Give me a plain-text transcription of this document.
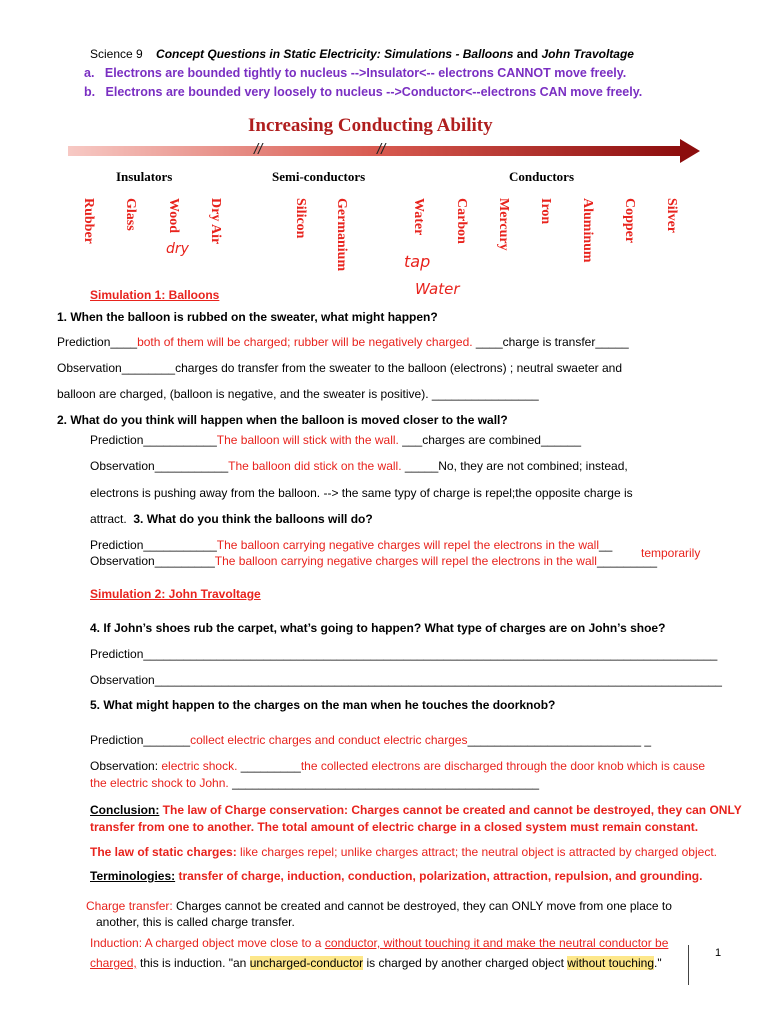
Science 9 Concept Questions in Static Electricity: Simulations - Balloons and John Travoltage
a. Electrons are bounded tightly to nucleus -->Insulator<-- electrons CANNOT move freely.
b. Electrons are bounded very loosely to nucleus -->Conductor<--electrons CAN move freely.
Increasing Conducting Ability
//	//
Insulators	Semi-conductors	Conductors
Rubber Glass Wood Dry Air	Silicon Germanium	Water Carbon Mercury Iron Aluminum Copper Silver
dry
tap
Water
Simulation 1: Balloons
1. When the balloon is rubbed on the sweater, what might happen?
Prediction____both of them will be charged; rubber will be negatively charged. ____charge is transfer_____
Observation________charges do transfer from the sweater to the balloon (electrons) ; neutral swaeter and
balloon are charged, (balloon is negative, and the sweater is positive). ________________
2. What do you think will happen when the balloon is moved closer to the wall?
Prediction___________The balloon will stick with the wall. ___charges are combined______
Observation___________The balloon did stick on the wall. _____No, they are not combined; instead,
electrons is pushing away from the balloon. --> the same typy of charge is repel;the opposite charge is
attract. 3. What do you think the balloons will do?
Prediction___________The balloon carrying negative charges will repel the electrons in the wall__
temporarily
Observation_________The balloon carrying negative charges will repel the electrons in the wall_________
Simulation 2: John Travoltage
4. If John’s shoes rub the carpet, what’s going to happen? What type of charges are on John’s shoe?
Prediction______________________________________________________________________________________
Observation_____________________________________________________________________________________
5. What might happen to the charges on the man when he touches the doorknob?
Prediction_______collect electric charges and conduct electric charges__________________________ _
Observation: electric shock. _________the collected electrons are discharged through the door knob which is cause
the electric shock to John. ______________________________________________
Conclusion: The law of Charge conservation: Charges cannot be created and cannot be destroyed, they can ONLY
transfer from one to another. The total amount of electric charge in a closed system must remain constant.
The law of static charges: like charges repel; unlike charges attract; the neutral object is attracted by charged object.
Terminologies: transfer of charge, induction, conduction, polarization, attraction, repulsion, and grounding.
Charge transfer: Charges cannot be created and cannot be destroyed, they can ONLY move from one place to
another, this is called charge transfer.
Induction: A charged object move close to a conductor, without touching it and make the neutral conductor be
charged, this is induction. "an uncharged-conductor is charged by another charged object without touching."
1
